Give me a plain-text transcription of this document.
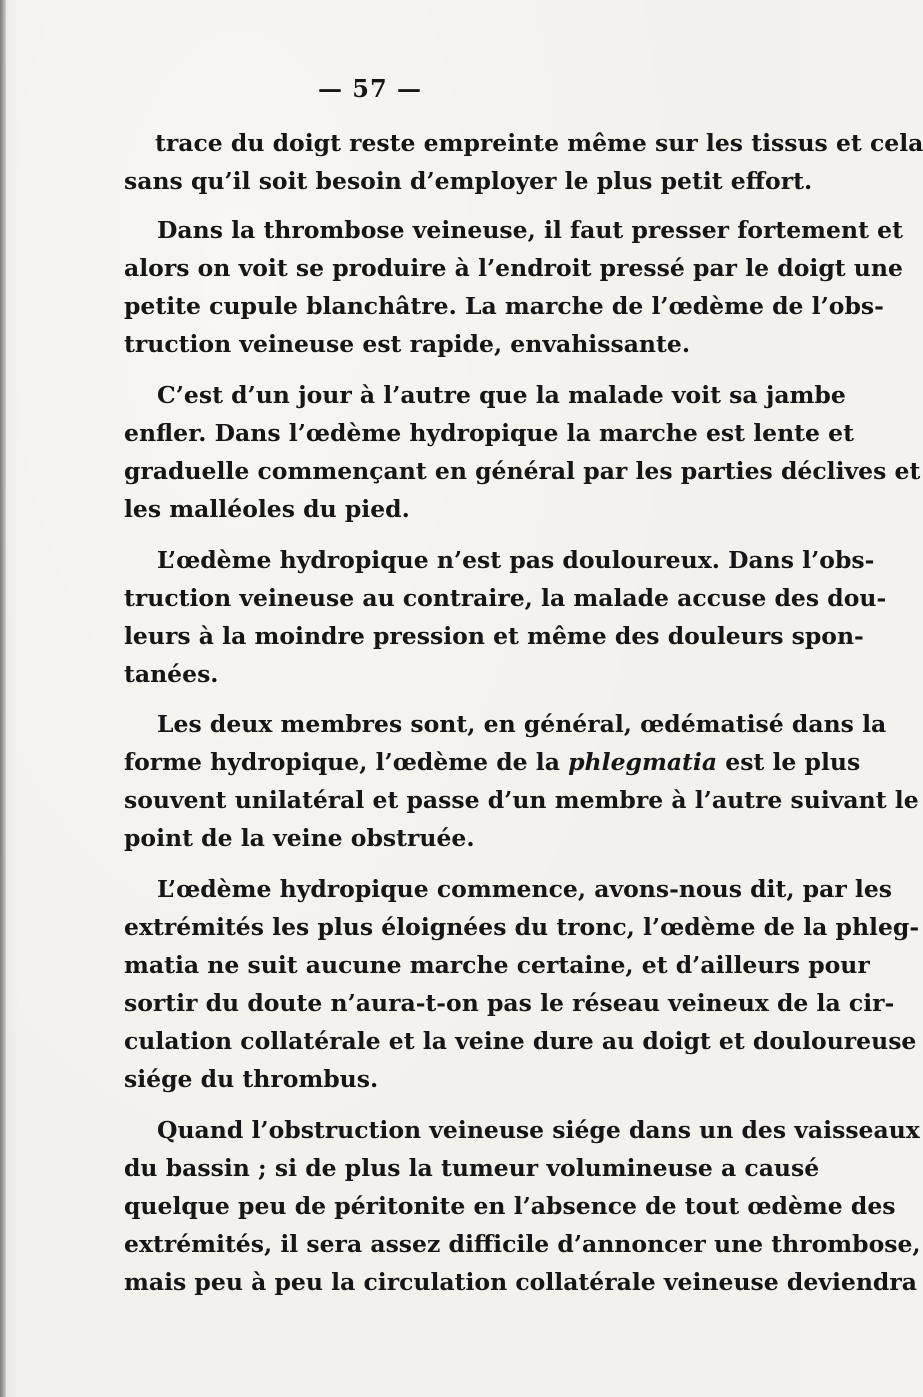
— 57 —
trace du doigt reste empreinte même sur les tissus et cela
sans qu’il soit besoin d’employer le plus petit effort.
Dans la thrombose veineuse, il faut presser fortement et
alors on voit se produire à l’endroit pressé par le doigt une
petite cupule blanchâtre. La marche de l’œdème de l’obs-
truction veineuse est rapide, envahissante.
C’est d’un jour à l’autre que la malade voit sa jambe
enfler. Dans l’œdème hydropique la marche est lente et
graduelle commençant en général par les parties déclives et
les malléoles du pied.
L’œdème hydropique n’est pas douloureux. Dans l’obs-
truction veineuse au contraire, la malade accuse des dou-
leurs à la moindre pression et même des douleurs spon-
tanées.
Les deux membres sont, en général, œdématisé dans la
forme hydropique, l’œdème de la phlegmatia est le plus
souvent unilatéral et passe d’un membre à l’autre suivant le
point de la veine obstruée.
L’œdème hydropique commence, avons-nous dit, par les
extrémités les plus éloignées du tronc, l’œdème de la phleg-
matia ne suit aucune marche certaine, et d’ailleurs pour
sortir du doute n’aura-t-on pas le réseau veineux de la cir-
culation collatérale et la veine dure au doigt et douloureuse
siége du thrombus.
Quand l’obstruction veineuse siége dans un des vaisseaux
du bassin ; si de plus la tumeur volumineuse a causé
quelque peu de péritonite en l’absence de tout œdème des
extrémités, il sera assez difficile d’annoncer une thrombose,
mais peu à peu la circulation collatérale veineuse deviendra
